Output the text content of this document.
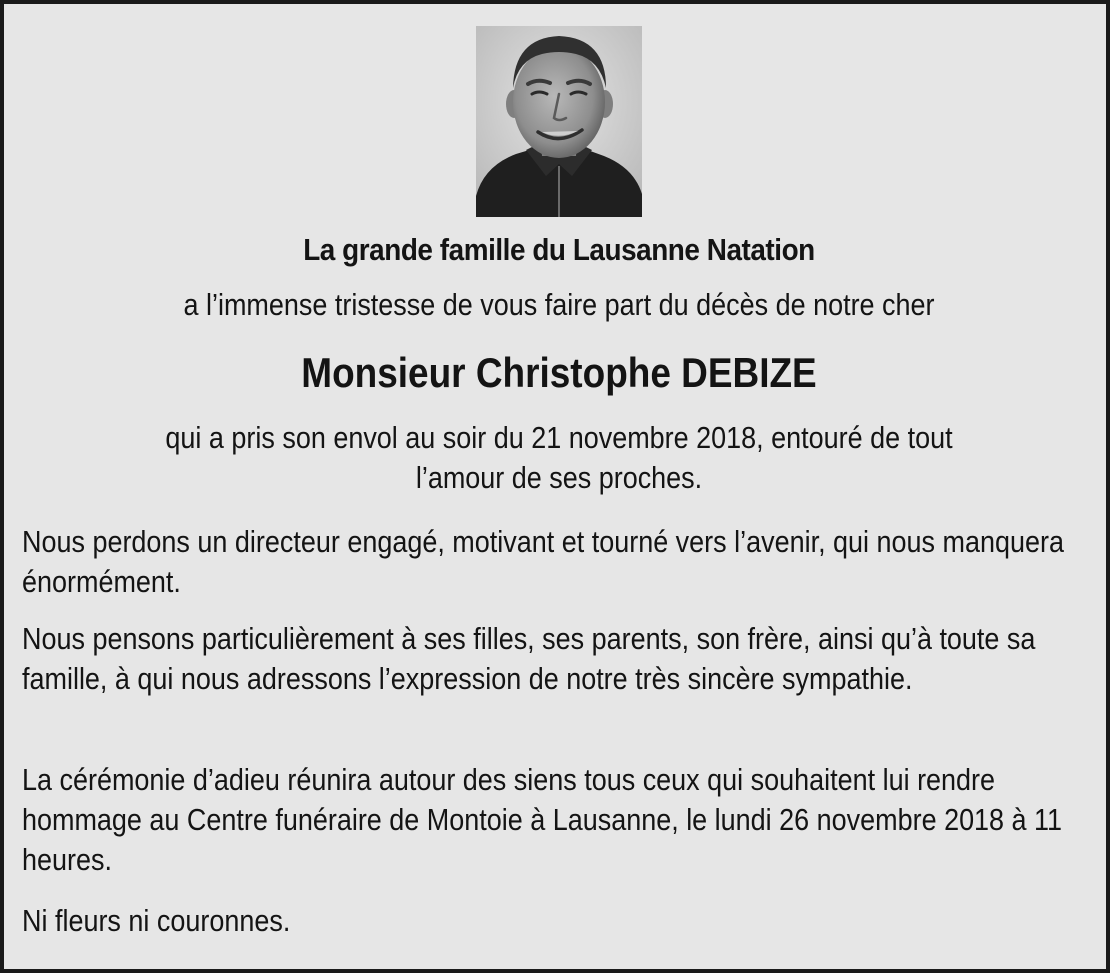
La grande famille du Lausanne Natation

a l’immense tristesse de vous faire part du décès de notre cher

Monsieur Christophe DEBIZE

qui a pris son envol au soir du 21 novembre 2018, entouré de tout
l’amour de ses proches.

Nous perdons un directeur engagé, motivant et tourné vers l’avenir, qui nous manquera énormément.

Nous pensons particulièrement à ses filles, ses parents, son frère, ainsi qu’à toute sa famille, à qui nous adressons l’expression de notre très sincère sympathie.

La cérémonie d’adieu réunira autour des siens tous ceux qui souhaitent lui rendre hommage au Centre funéraire de Montoie à Lausanne, le lundi 26 novembre 2018 à 11 heures.

Ni fleurs ni couronnes.
